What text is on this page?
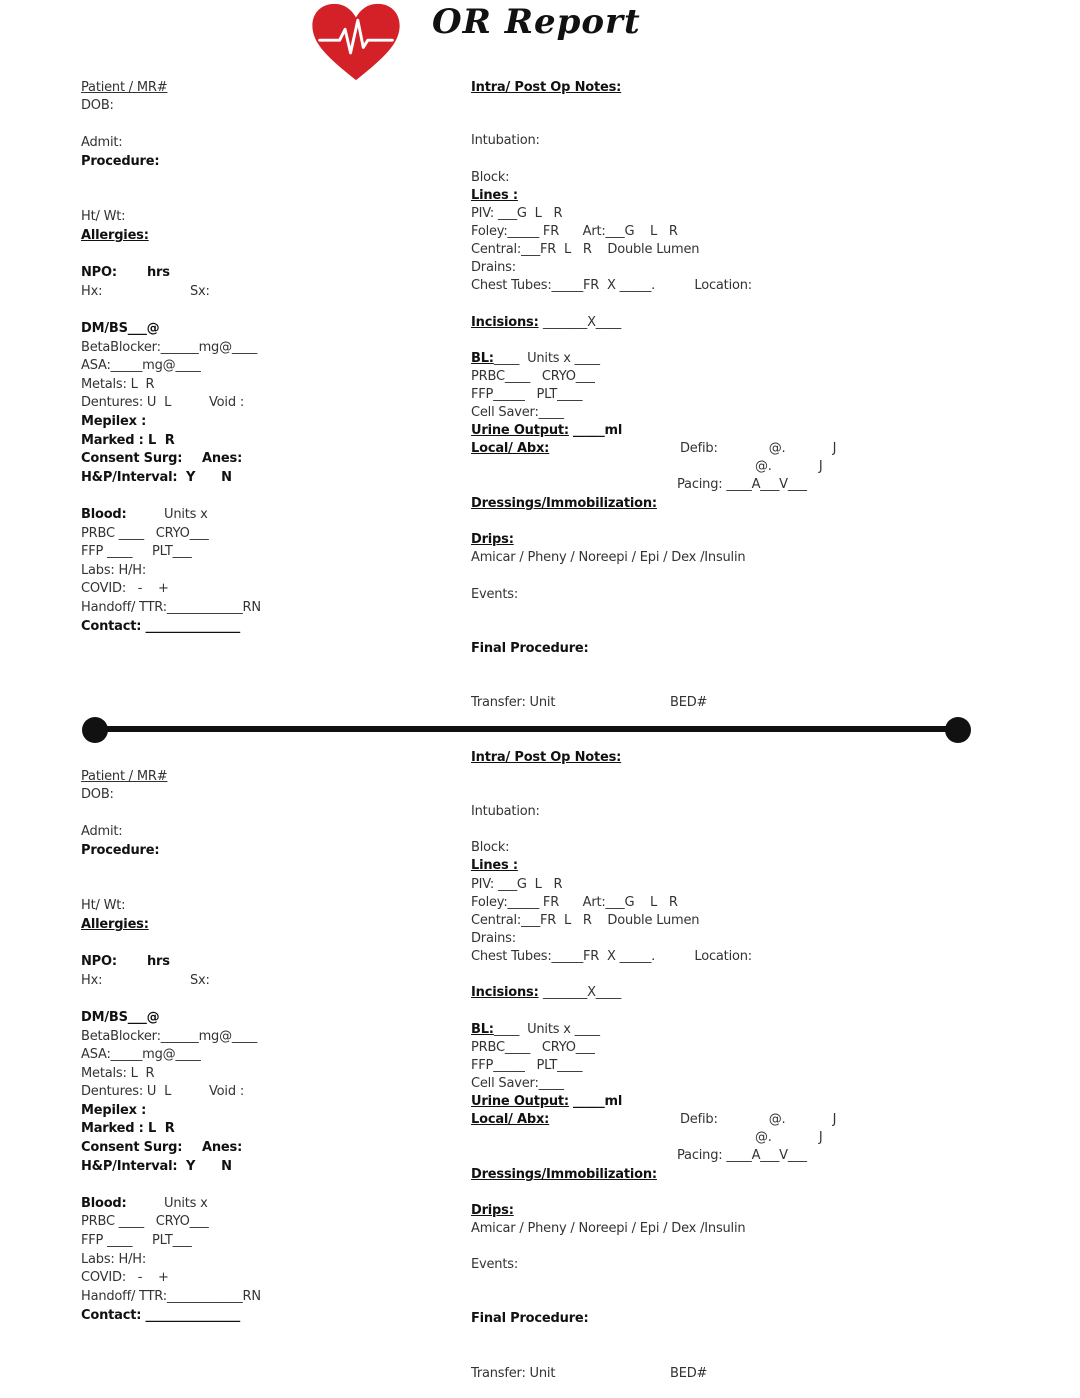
OR Report
Patient / MR#
DOB:
Admit:
Procedure:
Ht/ Wt:
Allergies:
NPO: hrs
Hx:	Sx:
DM/BS___@
BetaBlocker:______mg@____
ASA:_____mg@____
Metals: L  R
Dentures: U  L	Void :
Mepilex :
Marked : L  R
Consent Surg: Anes:
H&P/Interval:  Y      N
Blood:	Units x
PRBC ____   CRYO___
FFP ____     PLT___
Labs: H/H:
COVID:   -    +
Handoff/ TTR:____________RN
Contact: _______________
Intra/ Post Op Notes:
Intubation:
Block:
Lines :
PIV: ___G  L   R
Foley:_____ FR      Art:___G    L   R
Central:___FR  L   R    Double Lumen
Drains:
Chest Tubes:_____FR  X _____.          Location:
Incisions: _______X____
BL: ____  Units x ____
PRBC____   CRYO___
FFP_____   PLT____
Cell Saver:____
Urine Output: _____ml
Local/ Abx:	Defib:             @.            J
@.            J
Pacing: ____A___V___
Dressings/Immobilization:
Drips:
Amicar / Pheny / Noreepi / Epi / Dex /Insulin
Events:
Final Procedure:
Transfer: Unit	BED#
Patient / MR#
DOB:
Admit:
Procedure:
Ht/ Wt:
Allergies:
NPO: hrs
Hx:	Sx:
DM/BS___@
BetaBlocker:______mg@____
ASA:_____mg@____
Metals: L  R
Dentures: U  L	Void :
Mepilex :
Marked : L  R
Consent Surg: Anes:
H&P/Interval:  Y      N
Blood:	Units x
PRBC ____   CRYO___
FFP ____     PLT___
Labs: H/H:
COVID:   -    +
Handoff/ TTR:____________RN
Contact: _______________
Intra/ Post Op Notes:
Intubation:
Block:
Lines :
PIV: ___G  L   R
Foley:_____ FR      Art:___G    L   R
Central:___FR  L   R    Double Lumen
Drains:
Chest Tubes:_____FR  X _____.          Location:
Incisions: _______X____
BL: ____  Units x ____
PRBC____   CRYO___
FFP_____   PLT____
Cell Saver:____
Urine Output: _____ml
Local/ Abx:	Defib:             @.            J
@.            J
Pacing: ____A___V___
Dressings/Immobilization:
Drips:
Amicar / Pheny / Noreepi / Epi / Dex /Insulin
Events:
Final Procedure:
Transfer: Unit	BED#
